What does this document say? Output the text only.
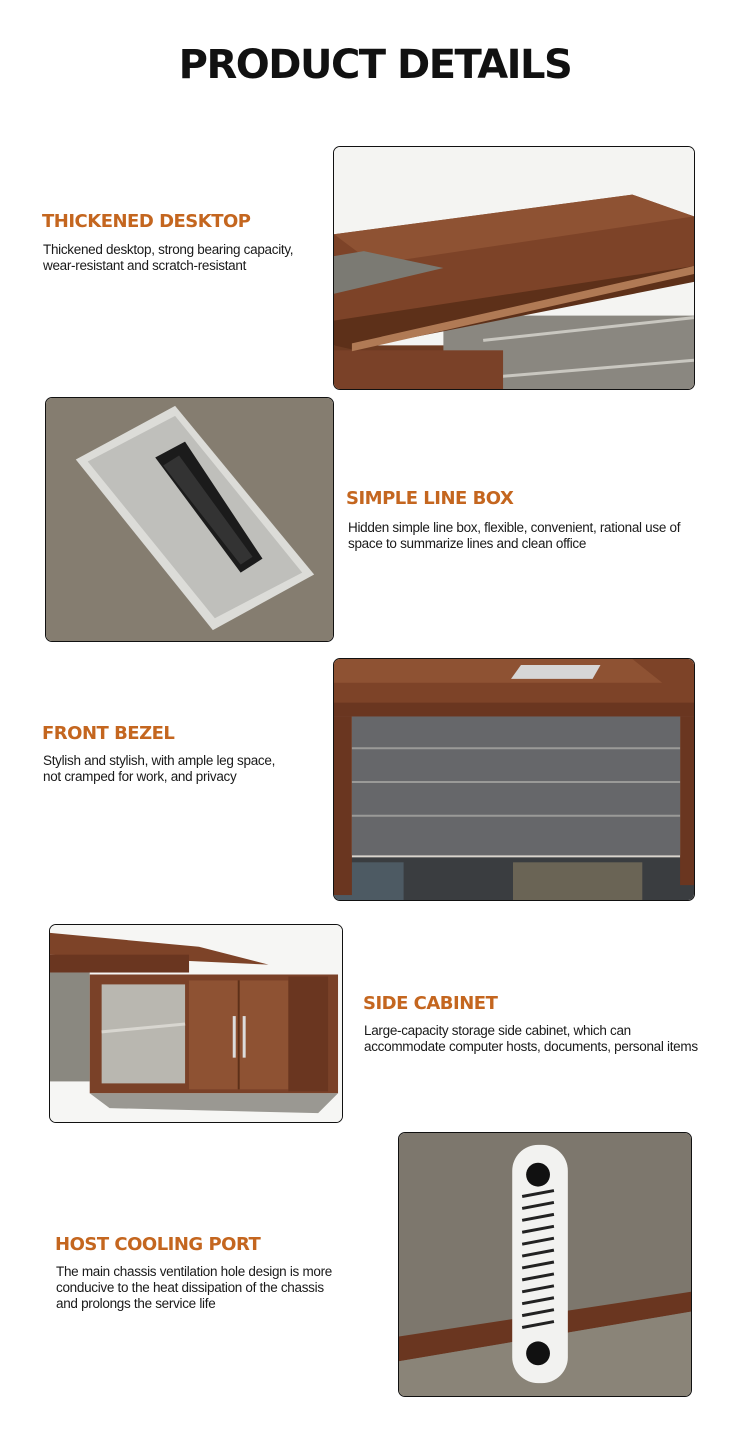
PRODUCT DETAILS
THICKENED DESKTOP
Thickened desktop, strong bearing capacity,
wear-resistant and scratch-resistant
SIMPLE LINE BOX
Hidden simple line box, flexible, convenient, rational use of
space to summarize lines and clean office
FRONT BEZEL
Stylish and stylish, with ample leg space,
not cramped for work, and privacy
SIDE CABINET
Large-capacity storage side cabinet, which can
accommodate computer hosts, documents, personal items
HOST COOLING PORT
The main chassis ventilation hole design is more
conducive to the heat dissipation of the chassis
and prolongs the service life
